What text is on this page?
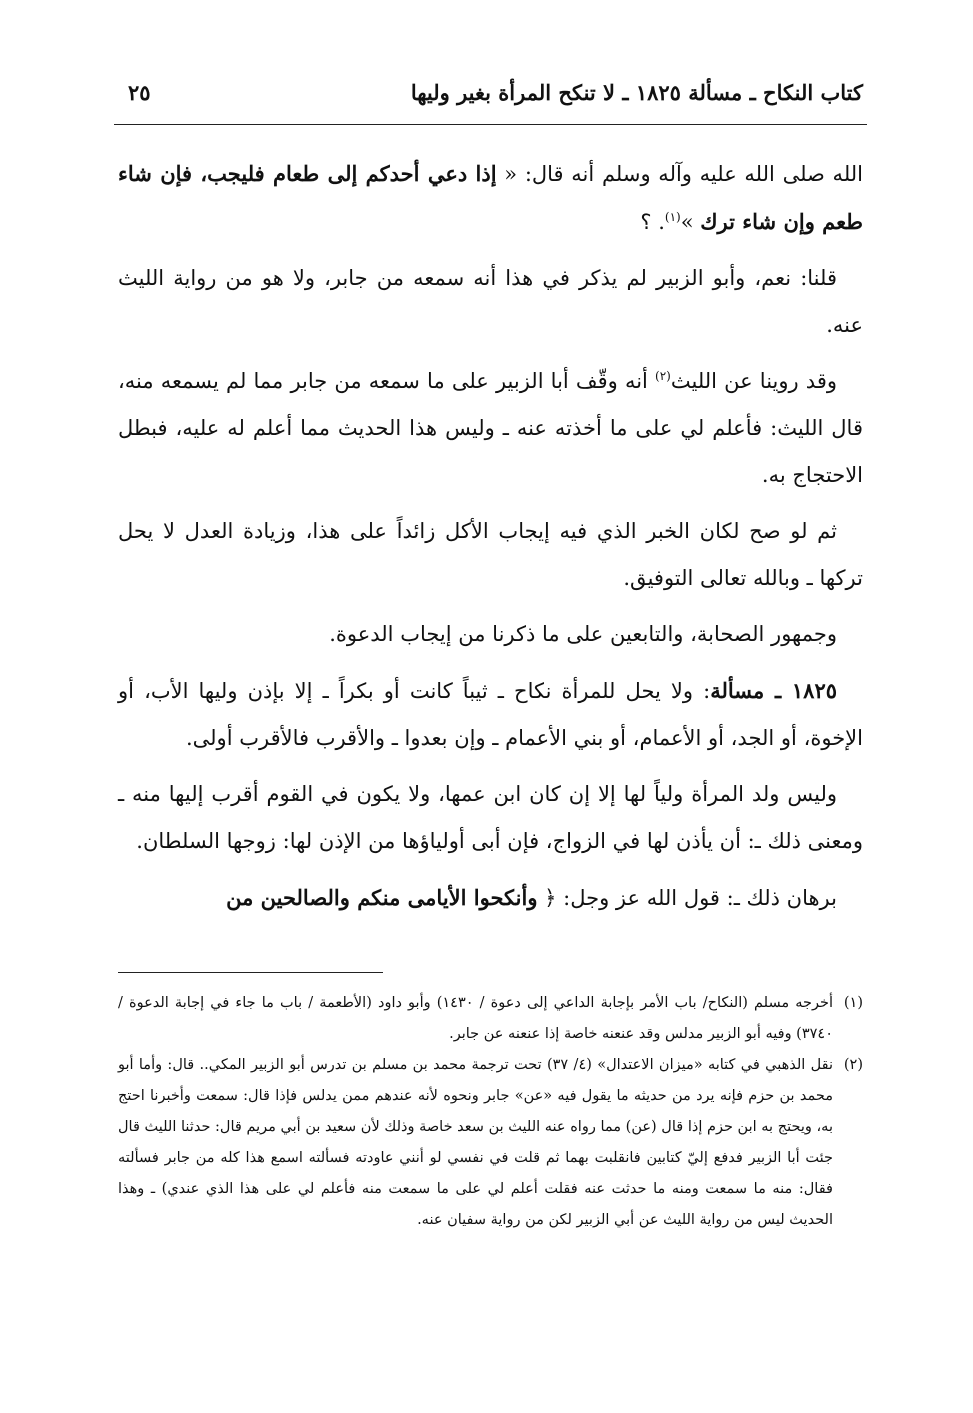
كتاب النكاح ـ مسألة ١٨٢٥ ـ لا تنكح المرأة بغير وليها
٢٥

الله صلى الله عليه وآله وسلم أنه قال: « إذا دعي أحدكم إلى طعام فليجب، فإن شاء طعم وإن شاء ترك »$^{(١)}$. ؟

قلنا: نعم، وأبو الزبير لم يذكر في هذا أنه سمعه من جابر، ولا هو من رواية الليث عنه.

وقد روينا عن الليث$^{(٢)}$ أنه وقّف أبا الزبير على ما سمعه من جابر مما لم يسمعه منه، قال الليث: فأعلم لي على ما أخذته عنه ـ وليس هذا الحديث مما أعلم له عليه، فبطل الاحتجاج به.

ثم لو صح لكان الخبر الذي فيه إيجاب الأكل زائداً على هذا، وزيادة العدل لا يحل تركها ـ وبالله تعالى التوفيق.

وجمهور الصحابة، والتابعين على ما ذكرنا من إيجاب الدعوة.

١٨٢٥ ـ مسألة: ولا يحل للمرأة نكاح ـ ثيباً كانت أو بكراً ـ إلا بإذن وليها الأب، أو الإخوة، أو الجد، أو الأعمام، أو بني الأعمام ـ وإن بعدوا ـ والأقرب فالأقرب أولى.

وليس ولد المرأة ولياً لها إلا إن كان ابن عمها، ولا يكون في القوم أقرب إليها منه ـ ومعنى ذلك ـ: أن يأذن لها في الزواج، فإن أبى أولياؤها من الإذن لها: زوجها السلطان.

برهان ذلك ـ: قول الله عز وجل: ﴿ وأنكحوا الأيامى منكم والصالحين من

(١)
أخرجه مسلم (النكاح/ باب الأمر بإجابة الداعي إلى دعوة / ١٤٣٠) وأبو داود (الأطعمة / باب ما جاء في إجابة الدعوة / ٣٧٤٠) وفيه أبو الزبير مدلس وقد عنعنه خاصة إذا عنعنه عن جابر.
(٢)
نقل الذهبي في كتابه «ميزان الاعتدال» (٤/ ٣٧) تحت ترجمة محمد بن مسلم بن تدرس أبو الزبير المكي.. قال: وأما أبو محمد بن حزم فإنه يرد من حديثه ما يقول فيه «عن» جابر ونحوه لأنه عندهم ممن يدلس فإذا قال: سمعت وأخبرنا احتج به، ويحتج به ابن حزم إذا قال (عن) مما رواه عنه الليث بن سعد خاصة وذلك لأن سعيد بن أبي مريم قال: حدثنا الليث قال جئت أبا الزبير فدفع إليّ كتابين فانقلبت بهما ثم قلت في نفسي لو أنني عاودته فسألته اسمع هذا كله من جابر فسألته فقال: منه ما سمعت ومنه ما حدثت عنه فقلت أعلم لي على ما سمعت منه فأعلم لي على هذا الذي عندي) ـ وهذا الحديث ليس من رواية الليث عن أبي الزبير لكن من رواية سفيان عنه.
